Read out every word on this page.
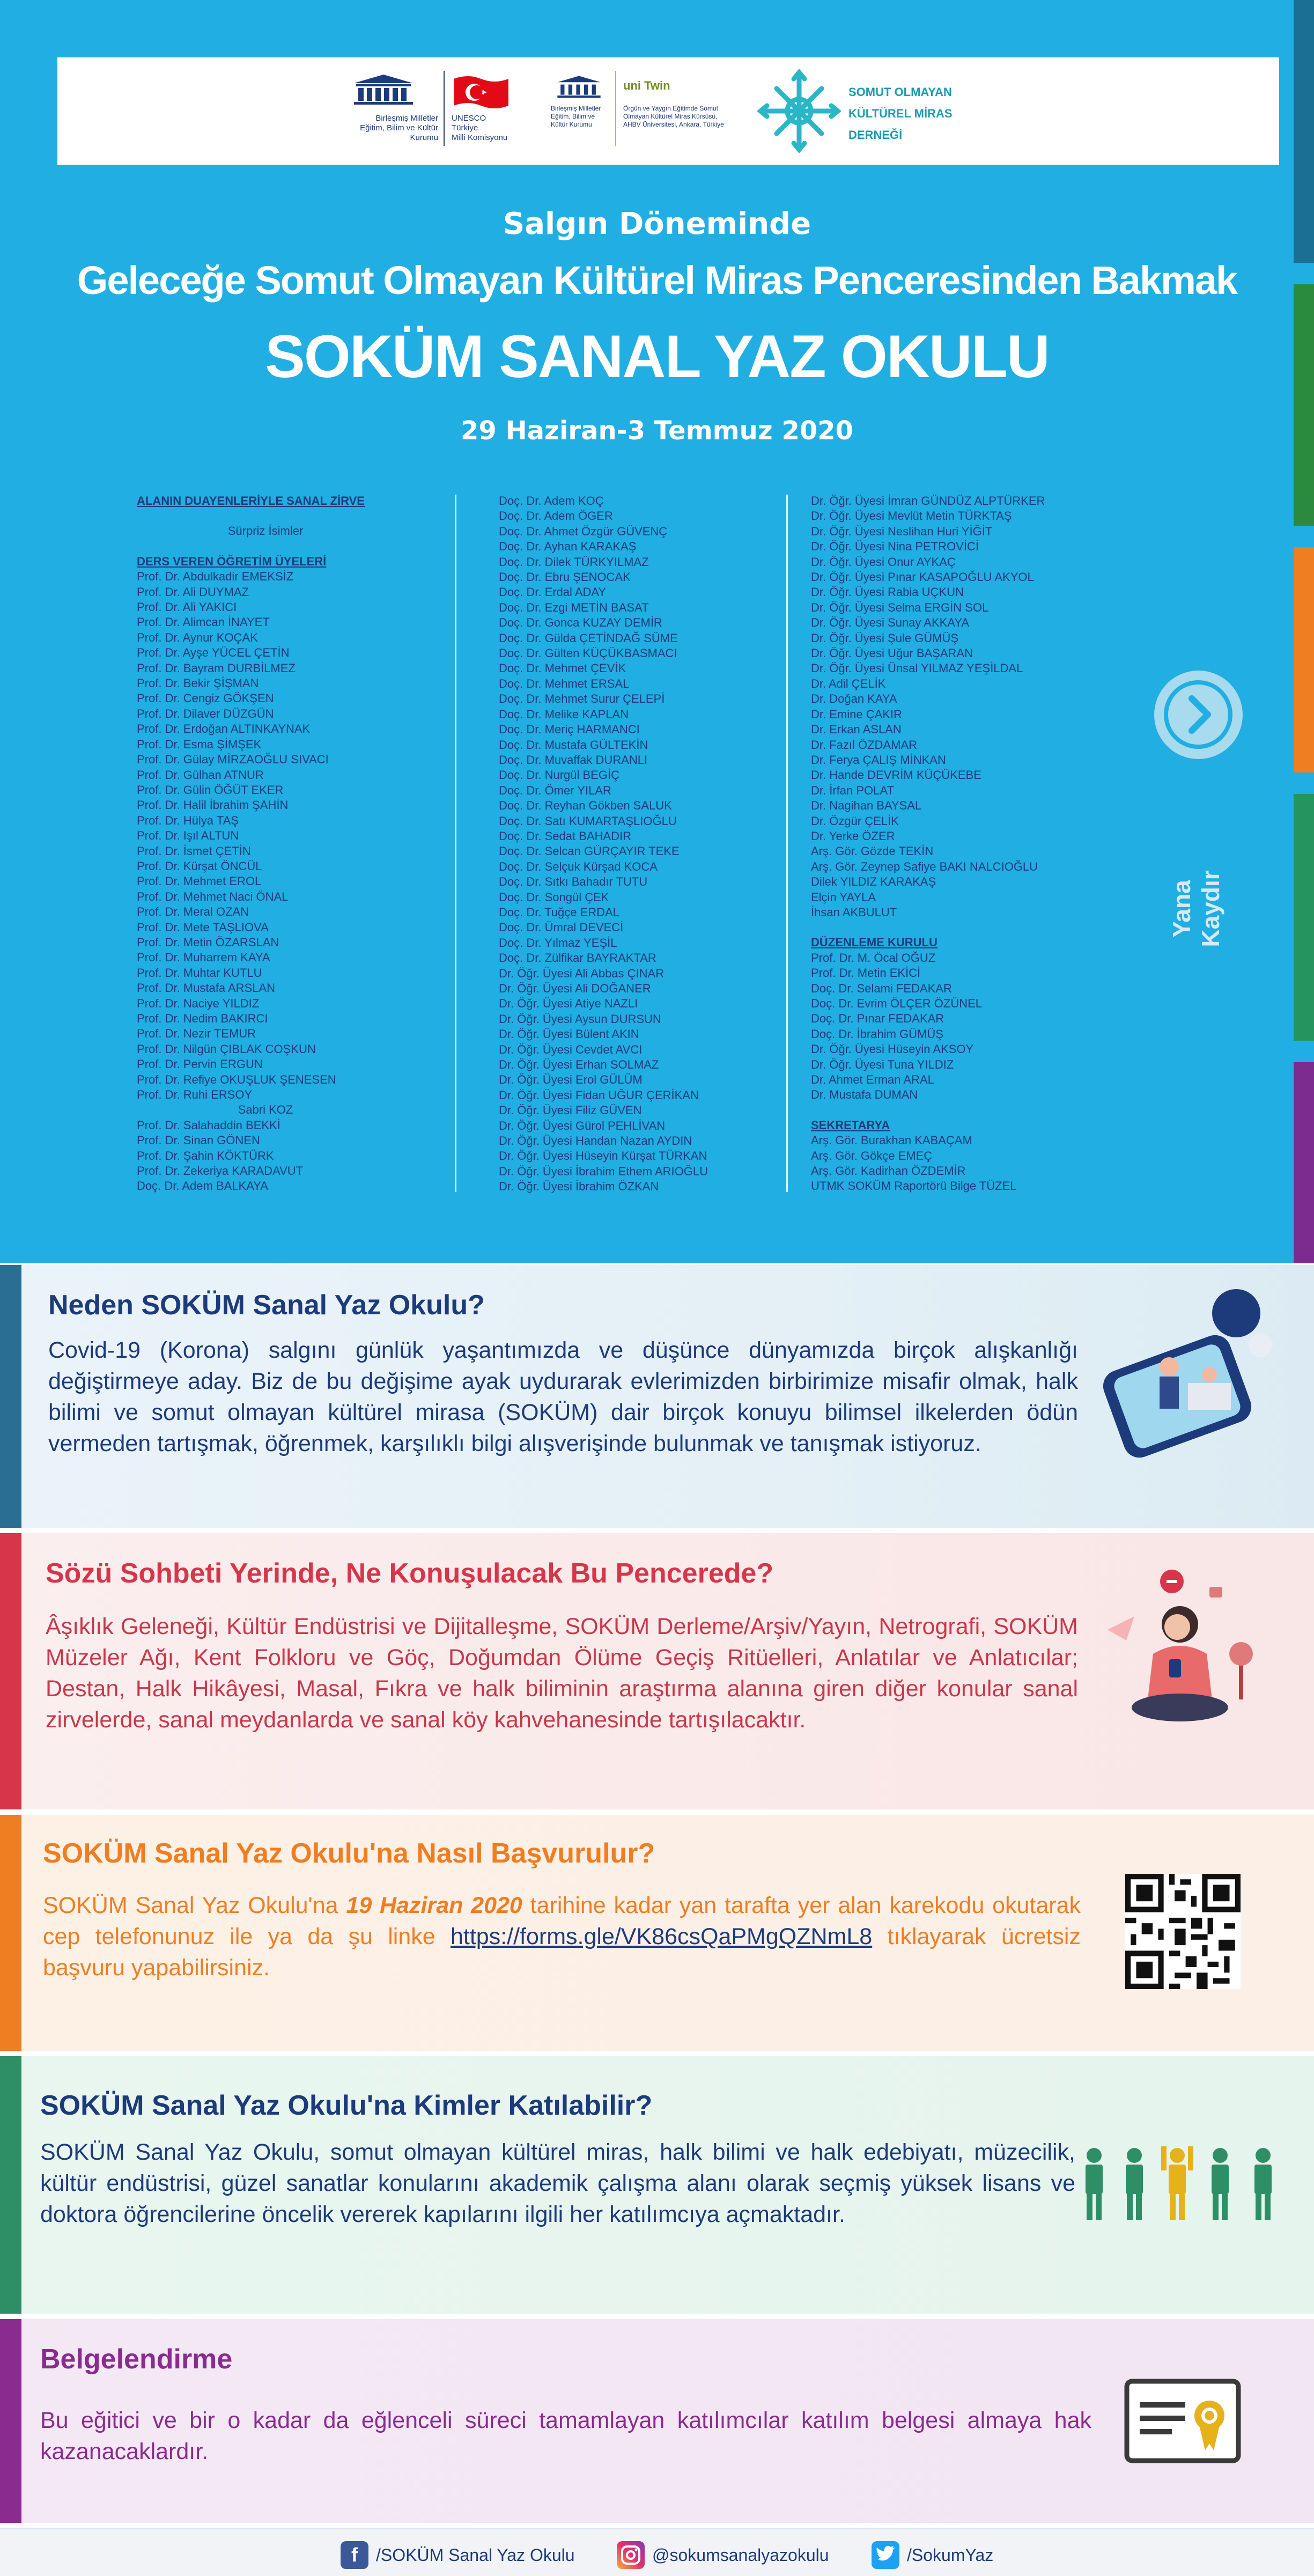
Birleşmiş Milletler
Eğitim, Bilim ve Kültür
Kurumu
UNESCO
Türkiye
Milli Komisyonu
Birleşmiş Milletler
Eğitim, Bilim ve
Kültür Kurumu
uni Twin
Örgün ve Yaygın Eğitimde Somut
Olmayan Kültürel Miras Kürsüsü,
AHBV Üniversitesi, Ankara, Türkiye
SOMUT OLMAYAN
KÜLTÜREL MİRAS
DERNEĞİ
Salgın Döneminde
Geleceğe Somut Olmayan Kültürel Miras Penceresinden Bakmak
SOKÜM SANAL YAZ OKULU
29 Haziran-3 Temmuz 2020
ALANIN DUAYENLERİYLE SANAL ZİRVE
Sürpriz İsimler
DERS VEREN ÖĞRETİM ÜYELERİ
Prof. Dr. Abdulkadir EMEKSİZ
Prof. Dr. Ali DUYMAZ
Prof. Dr. Ali YAKICI
Prof. Dr. Alimcan İNAYET
Prof. Dr. Aynur KOÇAK
Prof. Dr. Ayşe YÜCEL ÇETİN
Prof. Dr. Bayram DURBİLMEZ
Prof. Dr. Bekir ŞİŞMAN
Prof. Dr. Cengiz GÖKŞEN
Prof. Dr. Dilaver DÜZGÜN
Prof. Dr. Erdoğan ALTINKAYNAK
Prof. Dr. Esma ŞİMŞEK
Prof. Dr. Gülay MİRZAOĞLU SIVACI
Prof. Dr. Gülhan ATNUR
Prof. Dr. Gülin ÖĞÜT EKER
Prof. Dr. Halil İbrahim ŞAHİN
Prof. Dr. Hülya TAŞ
Prof. Dr. Işıl ALTUN
Prof. Dr. İsmet ÇETİN
Prof. Dr. Kürşat ÖNCÜL
Prof. Dr. Mehmet EROL
Prof. Dr. Mehmet Naci ÖNAL
Prof. Dr. Meral OZAN
Prof. Dr. Mete TAŞLIOVA
Prof. Dr. Metin ÖZARSLAN
Prof. Dr. Muharrem KAYA
Prof. Dr. Muhtar KUTLU
Prof. Dr. Mustafa ARSLAN
Prof. Dr. Naciye YILDIZ
Prof. Dr. Nedim BAKIRCI
Prof. Dr. Nezir TEMUR
Prof. Dr. Nilgün ÇIBLAK COŞKUN
Prof. Dr. Pervin ERGUN
Prof. Dr. Refiye OKUŞLUK ŞENESEN
Prof. Dr. Ruhi ERSOY
Sabri KOZ
Prof. Dr. Salahaddin BEKKİ
Prof. Dr. Sinan GÖNEN
Prof. Dr. Şahin KÖKTÜRK
Prof. Dr. Zekeriya KARADAVUT
Doç. Dr. Adem BALKAYA
Doç. Dr. Adem KOÇ
Doç. Dr. Adem ÖGER
Doç. Dr. Ahmet Özgür GÜVENÇ
Doç. Dr. Ayhan KARAKAŞ
Doç. Dr. Dilek TÜRKYILMAZ
Doç. Dr. Ebru ŞENOCAK
Doç. Dr. Erdal ADAY
Doç. Dr. Ezgi METİN BASAT
Doç. Dr. Gonca KUZAY DEMİR
Doç. Dr. Gülda ÇETİNDAĞ SÜME
Doç. Dr. Gülten KÜÇÜKBASMACI
Doç. Dr. Mehmet ÇEVİK
Doç. Dr. Mehmet ERSAL
Doç. Dr. Mehmet Surur ÇELEPİ
Doç. Dr. Melike KAPLAN
Doç. Dr. Meriç HARMANCI
Doç. Dr. Mustafa GÜLTEKİN
Doç. Dr. Muvaffak DURANLI
Doç. Dr. Nurgül BEGİÇ
Doç. Dr. Ömer YILAR
Doç. Dr. Reyhan Gökben SALUK
Doç. Dr. Satı KUMARTAŞLIOĞLU
Doç. Dr. Sedat BAHADIR
Doç. Dr. Selcan GÜRÇAYIR TEKE
Doç. Dr. Selçuk Kürşad KOCA
Doç. Dr. Sıtkı Bahadır TUTU
Doç. Dr. Songül ÇEK
Doç. Dr. Tuğçe ERDAL
Doç. Dr. Ümral DEVECİ
Doç. Dr. Yılmaz YEŞİL
Doç. Dr. Zülfikar BAYRAKTAR
Dr. Öğr. Üyesi Ali Abbas ÇINAR
Dr. Öğr. Üyesi Ali DOĞANER
Dr. Öğr. Üyesi Atiye NAZLI
Dr. Öğr. Üyesi Aysun DURSUN
Dr. Öğr. Üyesi Bülent AKIN
Dr. Öğr. Üyesi Cevdet AVCI
Dr. Öğr. Üyesi Erhan SOLMAZ
Dr. Öğr. Üyesi Erol GÜLÜM
Dr. Öğr. Üyesi Fidan UĞUR ÇERİKAN
Dr. Öğr. Üyesi Filiz GÜVEN
Dr. Öğr. Üyesi Gürol PEHLİVAN
Dr. Öğr. Üyesi Handan Nazan AYDIN
Dr. Öğr. Üyesi Hüseyin Kürşat TÜRKAN
Dr. Öğr. Üyesi İbrahim Ethem ARIOĞLU
Dr. Öğr. Üyesi İbrahim ÖZKAN
Dr. Öğr. Üyesi İmran GÜNDÜZ ALPTÜRKER
Dr. Öğr. Üyesi Mevlüt Metin TÜRKTAŞ
Dr. Öğr. Üyesi Neslihan Huri YİĞİT
Dr. Öğr. Üyesi Nina PETROVİCİ
Dr. Öğr. Üyesi Onur AYKAÇ
Dr. Öğr. Üyesi Pınar KASAPOĞLU AKYOL
Dr. Öğr. Üyesi Rabia UÇKUN
Dr. Öğr. Üyesi Selma ERGİN SOL
Dr. Öğr. Üyesi Sunay AKKAYA
Dr. Öğr. Üyesi Şule GÜMÜŞ
Dr. Öğr. Üyesi Uğur BAŞARAN
Dr. Öğr. Üyesi Ünsal YILMAZ YEŞİLDAL
Dr. Adil ÇELİK
Dr. Doğan KAYA
Dr. Emine ÇAKIR
Dr. Erkan ASLAN
Dr. Fazıl ÖZDAMAR
Dr. Ferya ÇALIŞ MİNKAN
Dr. Hande DEVRİM KÜÇÜKEBE
Dr. İrfan POLAT
Dr. Nagihan BAYSAL
Dr. Özgür ÇELİK
Dr. Yerke ÖZER
Arş. Gör. Gözde TEKİN
Arş. Gör. Zeynep Safiye BAKI NALCIOĞLU
Dilek YILDIZ KARAKAŞ
Elçin YAYLA
İhsan AKBULUT
DÜZENLEME KURULU
Prof. Dr. M. Öcal OĞUZ
Prof. Dr. Metin EKİCİ
Doç. Dr. Selami FEDAKAR
Doç. Dr. Evrim ÖLÇER ÖZÜNEL
Doç. Dr. Pınar FEDAKAR
Doç. Dr. İbrahim GÜMÜŞ
Dr. Öğr. Üyesi Hüseyin AKSOY
Dr. Öğr. Üyesi Tuna YILDIZ
Dr. Ahmet Erman ARAL
Dr. Mustafa DUMAN
SEKRETARYA
Arş. Gör. Burakhan KABAÇAM
Arş. Gör. Gökçe EMEÇ
Arş. Gör. Kadirhan ÖZDEMİR
UTMK SOKÜM Raportörü Bilge TÜZEL
Yana Kaydır
Neden SOKÜM Sanal Yaz Okulu?

Covid-19 (Korona) salgını günlük yaşantımızda ve düşünce dünyamızda birçok alışkanlığı değiştirmeye aday. Biz de bu değişime ayak uydurarak evlerimizden birbirimize misafir olmak, halk bilimi ve somut olmayan kültürel mirasa (SOKÜM) dair birçok konuyu bilimsel ilkelerden ödün vermeden tartışmak, öğrenmek, karşılıklı bilgi alışverişinde bulunmak ve tanışmak istiyoruz.

Sözü Sohbeti Yerinde, Ne Konuşulacak Bu Pencerede?

Âşıklık Geleneği, Kültür Endüstrisi ve Dijitalleşme, SOKÜM Derleme/Arşiv/Yayın, Netrografi, SOKÜM Müzeler Ağı, Kent Folkloru ve Göç, Doğumdan Ölüme Geçiş Ritüelleri, Anlatılar ve Anlatıcılar; Destan, Halk Hikâyesi, Masal, Fıkra ve halk biliminin araştırma alanına giren diğer konular sanal zirvelerde, sanal meydanlarda ve sanal köy kahvehanesinde tartışılacaktır.

SOKÜM Sanal Yaz Okulu'na Nasıl Başvurulur?

SOKÜM Sanal Yaz Okulu'na 19 Haziran 2020 tarihine kadar yan tarafta yer alan karekodu okutarak cep telefonunuz ile ya da şu linke https://forms.gle/VK86csQaPMgQZNmL8 tıklayarak ücretsiz başvuru yapabilirsiniz.

SOKÜM Sanal Yaz Okulu'na Kimler Katılabilir?

SOKÜM Sanal Yaz Okulu, somut olmayan kültürel miras, halk bilimi ve halk edebiyatı, müzecilik, kültür endüstrisi, güzel sanatlar konularını akademik çalışma alanı olarak seçmiş yüksek lisans ve doktora öğrencilerine öncelik vererek kapılarını ilgili her katılımcıya açmaktadır.

Belgelendirme

Bu eğitici ve bir o kadar da eğlenceli süreci tamamlayan katılımcılar katılım belgesi almaya hak kazanacaklardır.

f	/SOKÜM Sanal Yaz Okulu	@sokumsanalyazokulu	/SokumYaz
